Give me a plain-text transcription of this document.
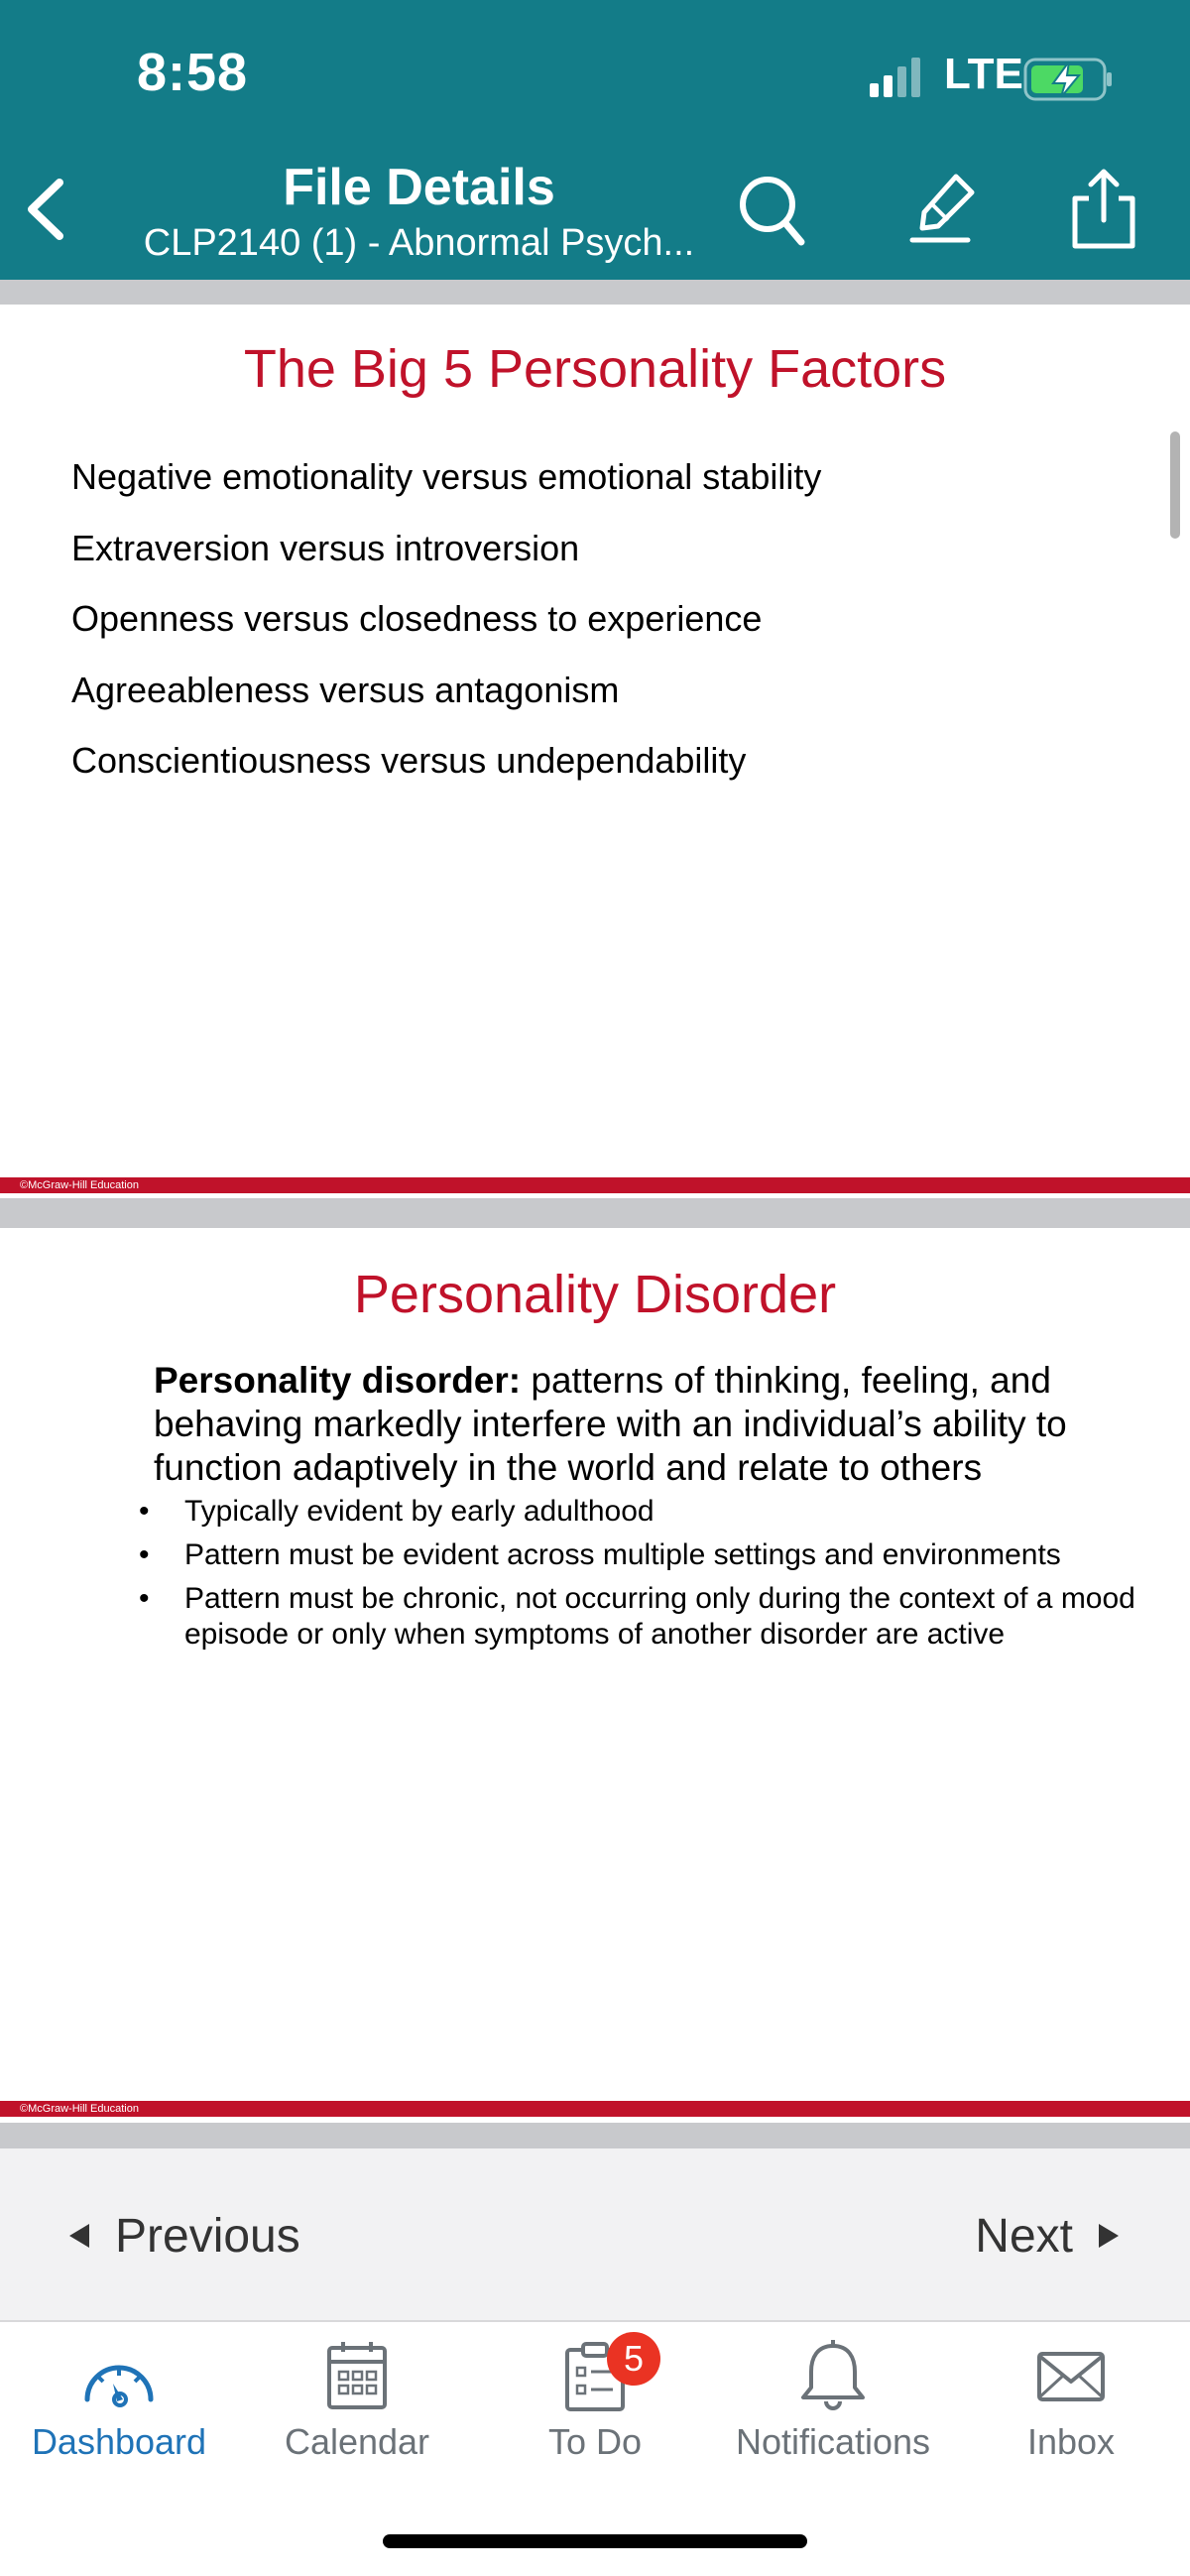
8:58	LTE
File Details
CLP2140 (1) - Abnormal Psych...
The Big 5 Personality Factors
Negative emotionality versus emotional stability
Extraversion versus introversion
Openness versus closedness to experience
Agreeableness versus antagonism
Conscientiousness versus undependability
©McGraw-Hill Education
Personality Disorder
Personality disorder: patterns of thinking, feeling, and behaving markedly interfere with an individual’s ability to function adaptively in the world and relate to others
• Typically evident by early adulthood
• Pattern must be evident across multiple settings and environments
• Pattern must be chronic, not occurring only during the context of a mood episode or only when symptoms of another disorder are active
©McGraw-Hill Education
Previous	Next
Dashboard	Calendar
5
To Do	Notifications	Inbox
